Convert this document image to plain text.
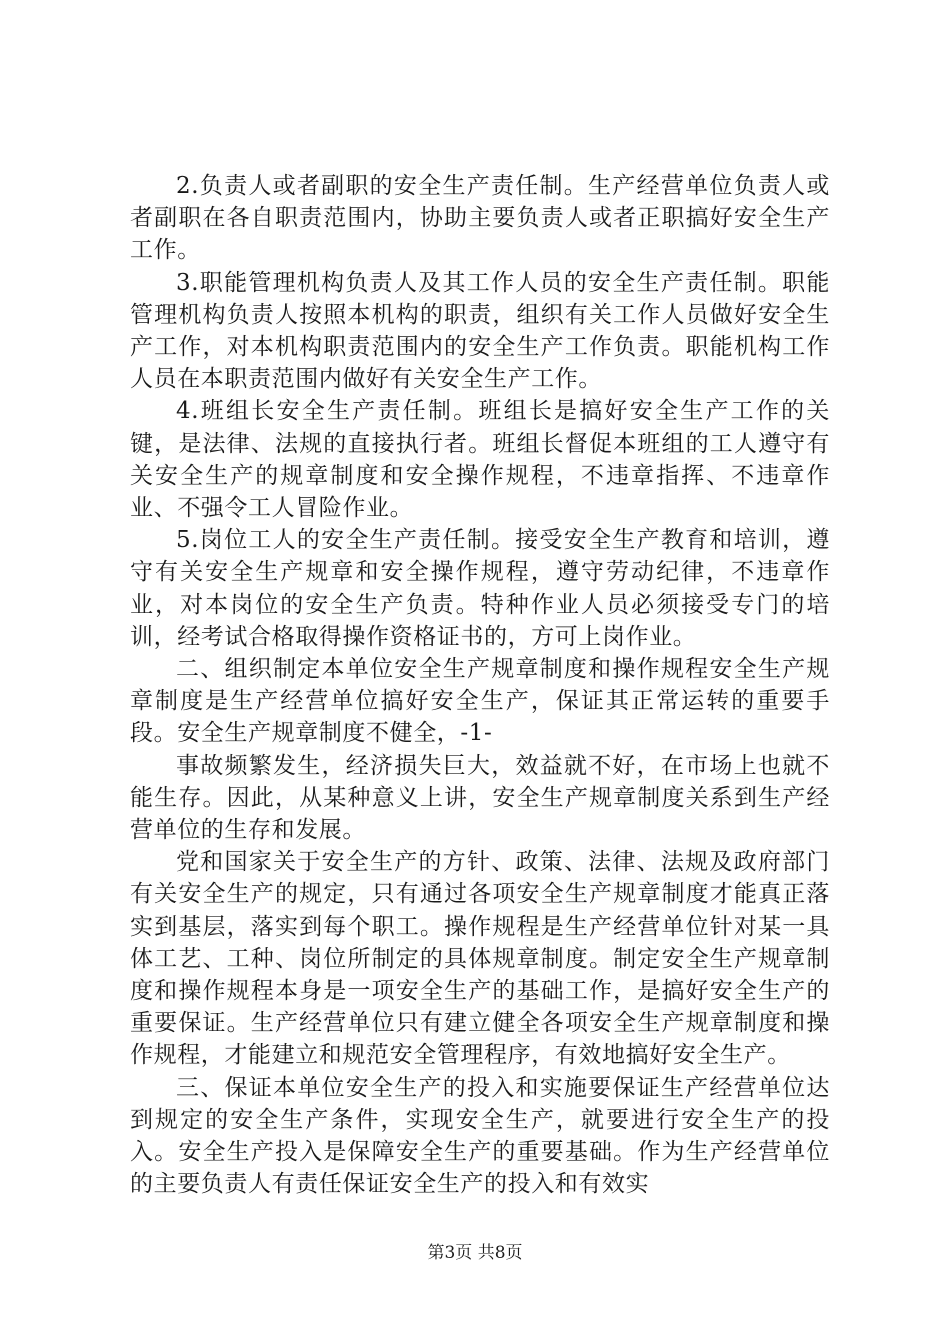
2.负责人或者副职的安全生产责任制。生产经营单位负责人或者副职在各自职责范围内，协助主要负责人或者正职搞好安全生产工作。

3.职能管理机构负责人及其工作人员的安全生产责任制。职能管理机构负责人按照本机构的职责，组织有关工作人员做好安全生产工作，对本机构职责范围内的安全生产工作负责。职能机构工作人员在本职责范围内做好有关安全生产工作。

4.班组长安全生产责任制。班组长是搞好安全生产工作的关键，是法律、法规的直接执行者。班组长督促本班组的工人遵守有关安全生产的规章制度和安全操作规程，不违章指挥、不违章作业、不强令工人冒险作业。

5.岗位工人的安全生产责任制。接受安全生产教育和培训，遵守有关安全生产规章和安全操作规程，遵守劳动纪律，不违章作业，对本岗位的安全生产负责。特种作业人员必须接受专门的培训，经考试合格取得操作资格证书的，方可上岗作业。

二、组织制定本单位安全生产规章制度和操作规程安全生产规章制度是生产经营单位搞好安全生产，保证其正常运转的重要手段。安全生产规章制度不健全，-1-

事故频繁发生，经济损失巨大，效益就不好，在市场上也就不能生存。因此，从某种意义上讲，安全生产规章制度关系到生产经营单位的生存和发展。

党和国家关于安全生产的方针、政策、法律、法规及政府部门有关安全生产的规定，只有通过各项安全生产规章制度才能真正落实到基层，落实到每个职工。操作规程是生产经营单位针对某一具体工艺、工种、岗位所制定的具体规章制度。制定安全生产规章制度和操作规程本身是一项安全生产的基础工作，是搞好安全生产的重要保证。生产经营单位只有建立健全各项安全生产规章制度和操作规程，才能建立和规范安全管理程序，有效地搞好安全生产。

三、保证本单位安全生产的投入和实施要保证生产经营单位达到规定的安全生产条件，实现安全生产，就要进行安全生产的投入。安全生产投入是保障安全生产的重要基础。作为生产经营单位的主要负责人有责任保证安全生产的投入和有效实

第3页 共8页
